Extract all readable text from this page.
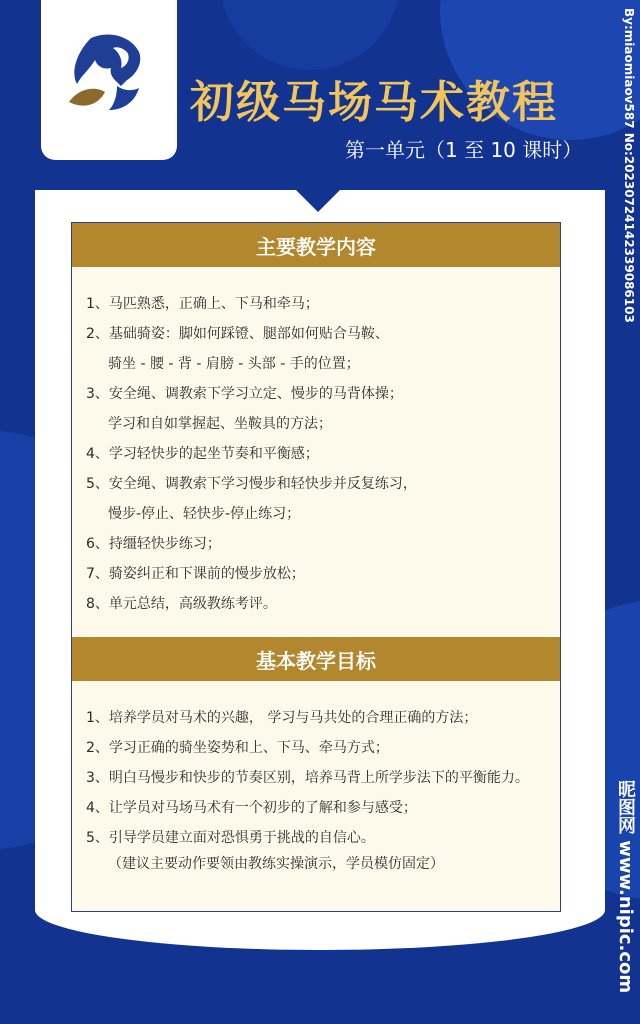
初级马场马术教程
第一单元（1 至 10 课时）	By:miaomiaov587 No:20230724142339086103
昵图网 www.nipic.com
主要教学内容
1、马匹熟悉，正确上、下马和牵马；
2、基础骑姿：脚如何踩镫、腿部如何贴合马鞍、
骑坐 - 腰 - 背 - 肩膀 - 头部 - 手的位置；
3、安全绳、调教索下学习立定、慢步的马背体操；
学习和自如掌握起、坐鞍具的方法；
4、学习轻快步的起坐节奏和平衡感；
5、安全绳、调教索下学习慢步和轻快步并反复练习，
慢步-停止、轻快步-停止练习；
6、持缰轻快步练习；
7、骑姿纠正和下课前的慢步放松；
8、单元总结，高级教练考评。
基本教学目标
1、培养学员对马术的兴趣， 学习与马共处的合理正确的方法；
2、学习正确的骑坐姿势和上、下马、牵马方式；
3、明白马慢步和快步的节奏区别，培养马背上所学步法下的平衡能力。
4、让学员对马场马术有一个初步的了解和参与感受；
5、引导学员建立面对恐惧勇于挑战的自信心。
（建议主要动作要领由教练实操演示，学员模仿固定）
